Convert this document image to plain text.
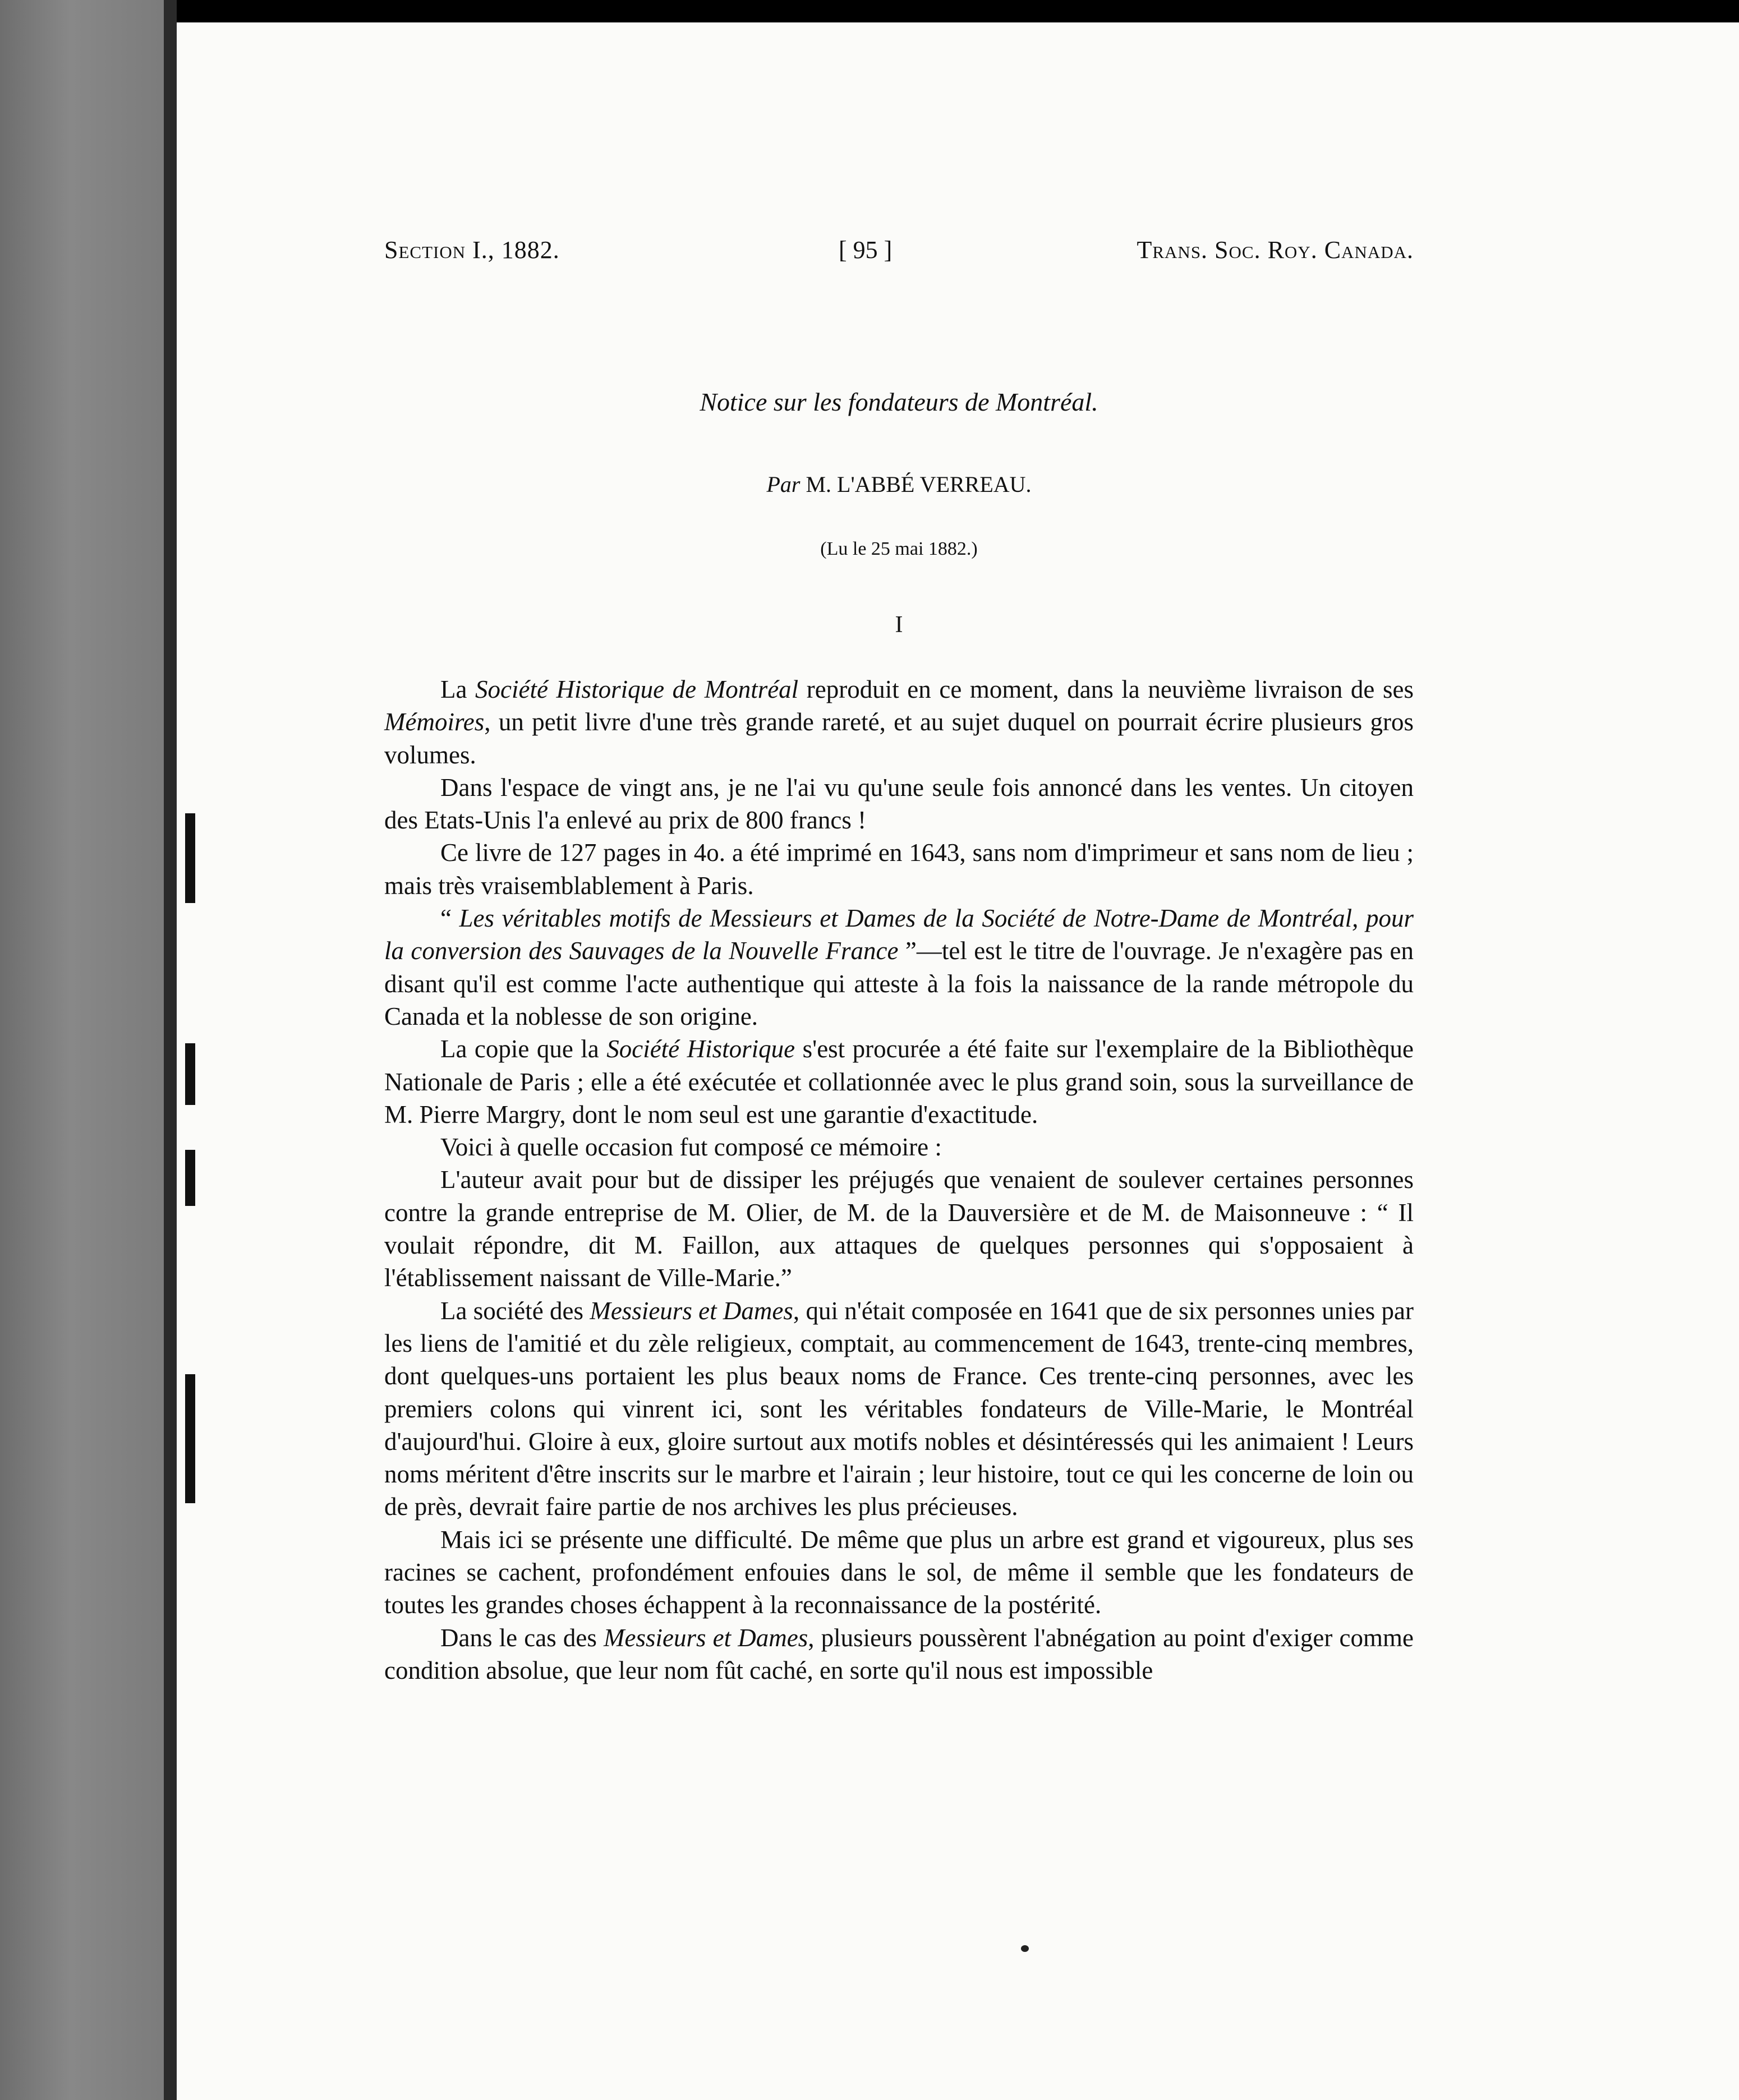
Section I., 1882.	[ 95 ]	Trans. Soc. Roy. Canada.
Notice sur les fondateurs de Montréal.
Par M. L'ABBÉ VERREAU.
(Lu le 25 mai 1882.)
I

La Société Historique de Montréal reproduit en ce moment, dans la neuvième livraison de ses Mémoires, un petit livre d'une très grande rareté, et au sujet duquel on pourrait écrire plusieurs gros volumes.

Dans l'espace de vingt ans, je ne l'ai vu qu'une seule fois annoncé dans les ventes. Un citoyen des Etats-Unis l'a enlevé au prix de 800 francs !

Ce livre de 127 pages in 4o. a été imprimé en 1643, sans nom d'imprimeur et sans nom de lieu ; mais très vraisemblablement à Paris.

“ Les véritables motifs de Messieurs et Dames de la Société de Notre-Dame de Montréal, pour la conversion des Sauvages de la Nouvelle France ”—tel est le titre de l'ouvrage. Je n'exagère pas en disant qu'il est comme l'acte authentique qui atteste à la fois la naissance de la rande métropole du Canada et la noblesse de son origine.

La copie que la Société Historique s'est procurée a été faite sur l'exemplaire de la Bibliothèque Nationale de Paris ; elle a été exécutée et collationnée avec le plus grand soin, sous la surveillance de M. Pierre Margry, dont le nom seul est une garantie d'exactitude.

Voici à quelle occasion fut composé ce mémoire :

L'auteur avait pour but de dissiper les préjugés que venaient de soulever certaines personnes contre la grande entreprise de M. Olier, de M. de la Dauversière et de M. de Maisonneuve : “ Il voulait répondre, dit M. Faillon, aux attaques de quelques personnes qui s'opposaient à l'établissement naissant de Ville-Marie.”

La société des Messieurs et Dames, qui n'était composée en 1641 que de six personnes unies par les liens de l'amitié et du zèle religieux, comptait, au commencement de 1643, trente-cinq membres, dont quelques-uns portaient les plus beaux noms de France. Ces trente-cinq personnes, avec les premiers colons qui vinrent ici, sont les véritables fondateurs de Ville-Marie, le Montréal d'aujourd'hui. Gloire à eux, gloire surtout aux motifs nobles et désintéressés qui les animaient ! Leurs noms méritent d'être inscrits sur le marbre et l'airain ; leur histoire, tout ce qui les concerne de loin ou de près, devrait faire partie de nos archives les plus précieuses.

Mais ici se présente une difficulté. De même que plus un arbre est grand et vigoureux, plus ses racines se cachent, profondément enfouies dans le sol, de même il semble que les fondateurs de toutes les grandes choses échappent à la reconnaissance de la postérité.

Dans le cas des Messieurs et Dames, plusieurs poussèrent l'abnégation au point d'exiger comme condition absolue, que leur nom fût caché, en sorte qu'il nous est impossible
